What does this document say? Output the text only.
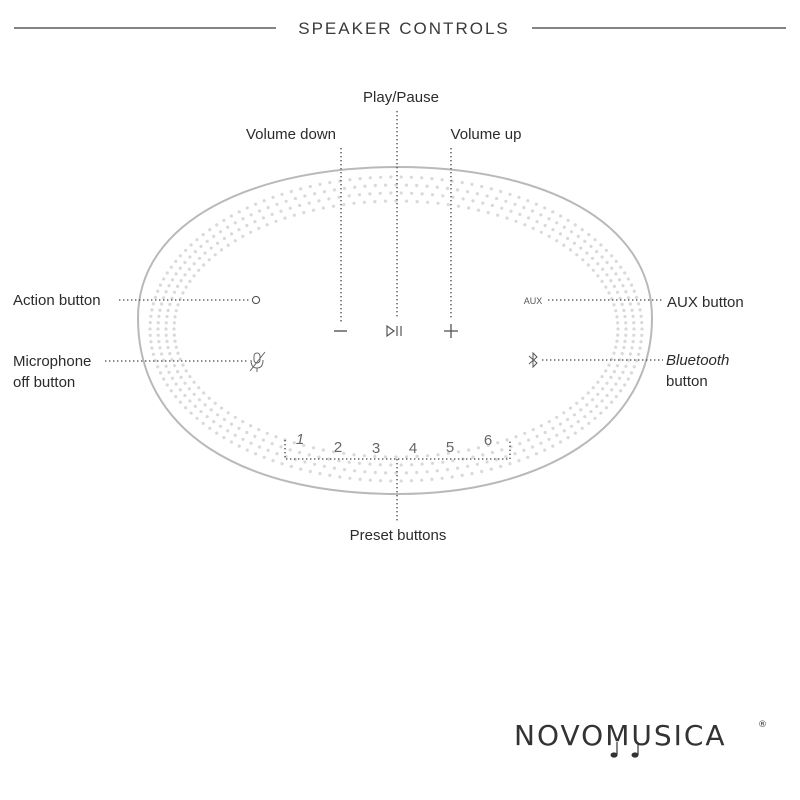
SPEAKER CONTROLS
AUX
1 2 3 4 5 6
Play/Pause
Volume down	Volume up
Action button
Microphone
off button
AUX button
Bluetooth
button
Preset buttons
NOVOMUSICA	®
